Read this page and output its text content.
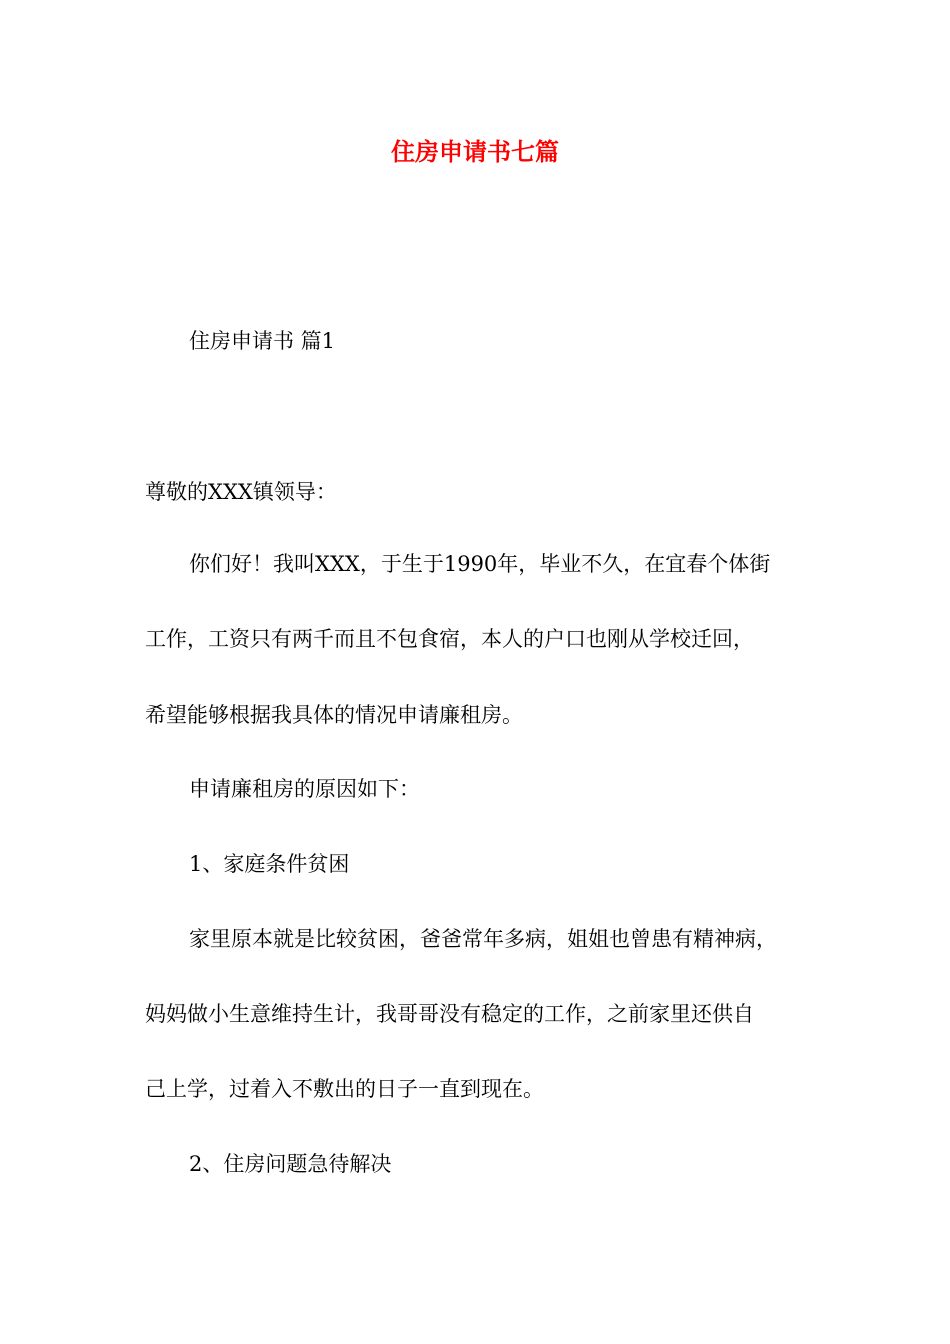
住房申请书七篇

住房申请书 篇1

尊敬的XXX镇领导：

你们好！我叫XXX，于生于1990年，毕业不久，在宜春个体街

工作，工资只有两千而且不包食宿，本人的户口也刚从学校迁回，

希望能够根据我具体的情况申请廉租房。

申请廉租房的原因如下：

1、家庭条件贫困

家里原本就是比较贫困，爸爸常年多病，姐姐也曾患有精神病，

妈妈做小生意维持生计，我哥哥没有稳定的工作，之前家里还供自

己上学，过着入不敷出的日子一直到现在。

2、住房问题急待解决
